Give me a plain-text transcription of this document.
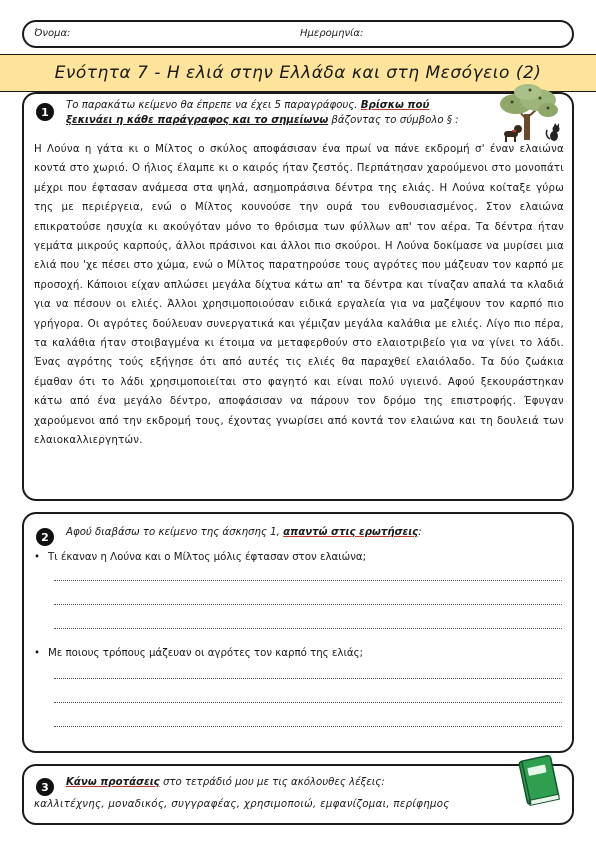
Όνομα:	Ημερομηνία:
Ενότητα 7 - Η ελιά στην Ελλάδα και στη Μεσόγειο (2)
1	Το παρακάτω κείμενο θα έπρεπε να έχει 5 παραγράφους. Βρίσκω πού
ξεκινάει η κάθε παράγραφος και το σημείωνω βάζοντας το σύμβολο § :
Η Λούνα η γάτα κι ο Μίλτος ο σκύλος αποφάσισαν ένα πρωί να πάνε εκδρομή σ' έναν ελαιώνα κοντά στο χωριό. Ο ήλιος έλαμπε κι ο καιρός ήταν ζεστός. Περπάτησαν χαρούμενοι στο μονοπάτι μέχρι που έφτασαν ανάμεσα στα ψηλά, ασημοπράσινα δέντρα της ελιάς. Η Λούνα κοίταξε γύρω της με περιέργεια, ενώ ο Μίλτος κουνούσε την ουρά του ενθουσιασμένος. Στον ελαιώνα επικρατούσε ησυχία κι ακούγόταν μόνο το θρόισμα των φύλλων απ' τον αέρα. Τα δέντρα ήταν γεμάτα μικρούς καρπούς, άλλοι πράσινοι και άλλοι πιο σκούροι. Η Λούνα δοκίμασε να μυρίσει μια ελιά που 'χε πέσει στο χώμα, ενώ ο Μίλτος παρατηρούσε τους αγρότες που μάζευαν τον καρπό με προσοχή. Κάποιοι είχαν απλώσει μεγάλα δίχτυα κάτω απ' τα δέντρα και τίναζαν απαλά τα κλαδιά για να πέσουν οι ελιές. Άλλοι χρησιμοποιούσαν ειδικά εργαλεία για να μαζέψουν τον καρπό πιο γρήγορα. Οι αγρότες δούλευαν συνεργατικά και γέμιζαν μεγάλα καλάθια με ελιές. Λίγο πιο πέρα, τα καλάθια ήταν στοιβαγμένα κι έτοιμα να μεταφερθούν στο ελαιοτριβείο για να γίνει το λάδι. Ένας αγρότης τούς εξήγησε ότι από αυτές τις ελιές θα παραχθεί ελαιόλαδο. Τα δύο ζωάκια έμαθαν ότι το λάδι χρησιμοποιείται στο φαγητό και είναι πολύ υγιεινό. Αφού ξεκουράστηκαν κάτω από ένα μεγάλο δέντρο, αποφάσισαν να πάρουν τον δρόμο της επιστροφής. Έφυγαν χαρούμενοι από την εκδρομή τους, έχοντας γνωρίσει από κοντά τον ελαιώνα και τη δουλειά των ελαιοκαλλιεργητών.
2	Αφού διαβάσω το κείμενο της άσκησης 1, απαντώ στις ερωτήσεις:
• Τι έκαναν η Λούνα και ο Μίλτος μόλις έφτασαν στον ελαιώνα;
• Με ποιους τρόπους μάζευαν οι αγρότες τον καρπό της ελιάς;
3	Κάνω προτάσεις στο τετράδιό μου με τις ακόλουθες λέξεις:
καλλιτέχνης, μοναδικός, συγγραφέας, χρησιμοποιώ, εμφανίζομαι, περίφημος
